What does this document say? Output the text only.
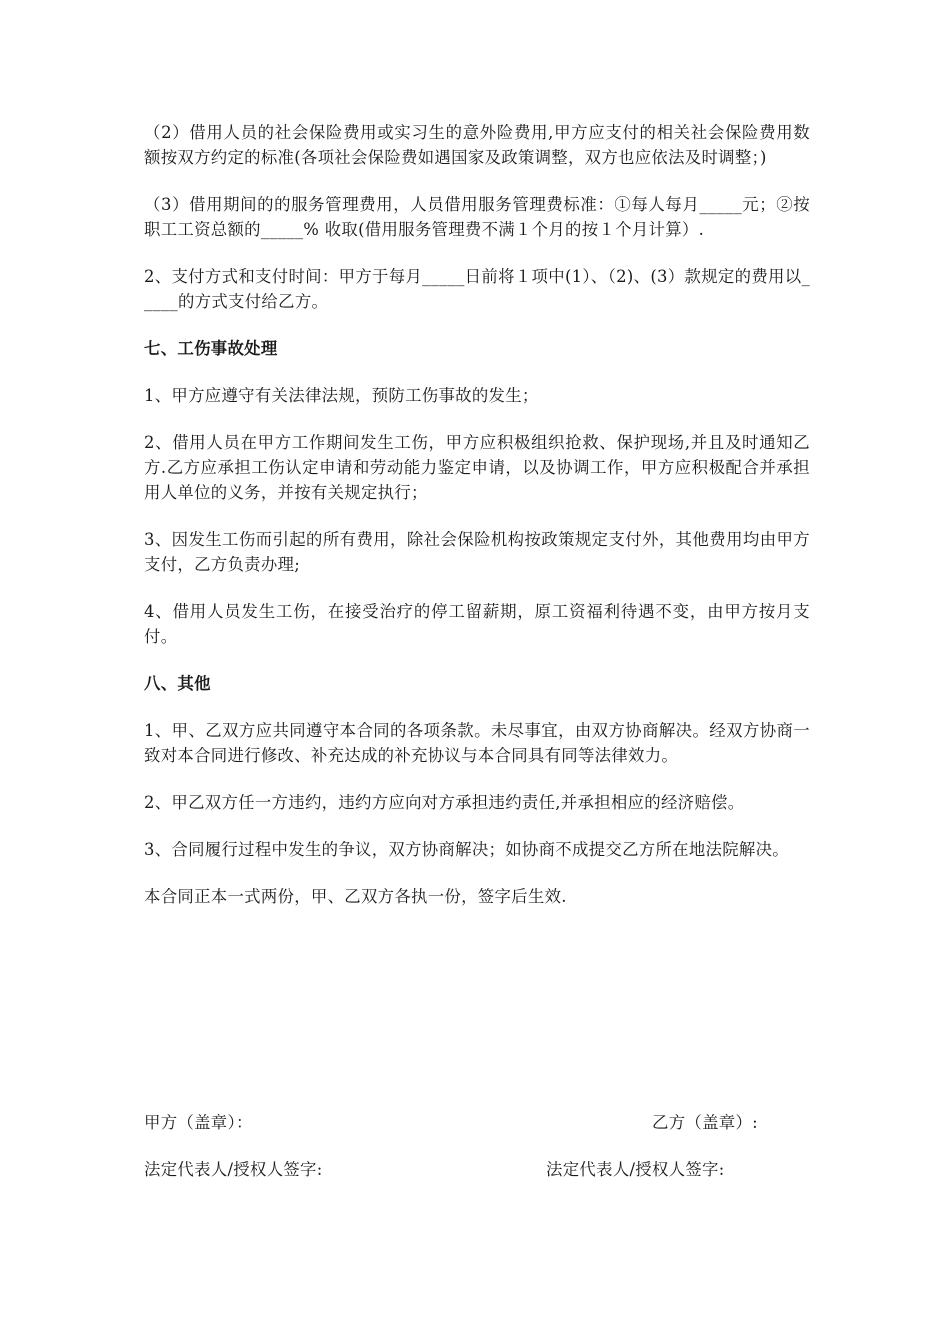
（2）借用人员的社会保险费用或实习生的意外险费用,甲方应支付的相关社会保险费用数额按双方约定的标准(各项社会保险费如遇国家及政策调整，双方也应依法及时调整；)

（3）借用期间的的服务管理费用，人员借用服务管理费标准：①每人每月_____元；②按职工工资总额的_____% 收取(借用服务管理费不满１个月的按１个月计算）.

2、支付方式和支付时间：甲方于每月_____日前将１项中(1）、（2)、(3）款规定的费用以_____的方式支付给乙方。

七、工伤事故处理

1、甲方应遵守有关法律法规，预防工伤事故的发生；

2、借用人员在甲方工作期间发生工伤，甲方应积极组织抢救、保护现场,并且及时通知乙方.乙方应承担工伤认定申请和劳动能力鉴定申请，以及协调工作，甲方应积极配合并承担用人单位的义务，并按有关规定执行；

3、因发生工伤而引起的所有费用，除社会保险机构按政策规定支付外，其他费用均由甲方支付，乙方负责办理;

4、借用人员发生工伤，在接受治疗的停工留薪期，原工资福利待遇不变，由甲方按月支付。

八、其他

1、甲、乙双方应共同遵守本合同的各项条款。未尽事宜，由双方协商解决。经双方协商一致对本合同进行修改、补充达成的补充协议与本合同具有同等法律效力。

2、甲乙双方任一方违约，违约方应向对方承担违约责任,并承担相应的经济赔偿。

3、合同履行过程中发生的争议，双方协商解决；如协商不成提交乙方所在地法院解决。

本合同正本一式两份，甲、乙双方各执一份，签字后生效.

甲方（盖章）：	乙方（盖章）:
法定代表人/授权人签字:	法定代表人/授权人签字:
